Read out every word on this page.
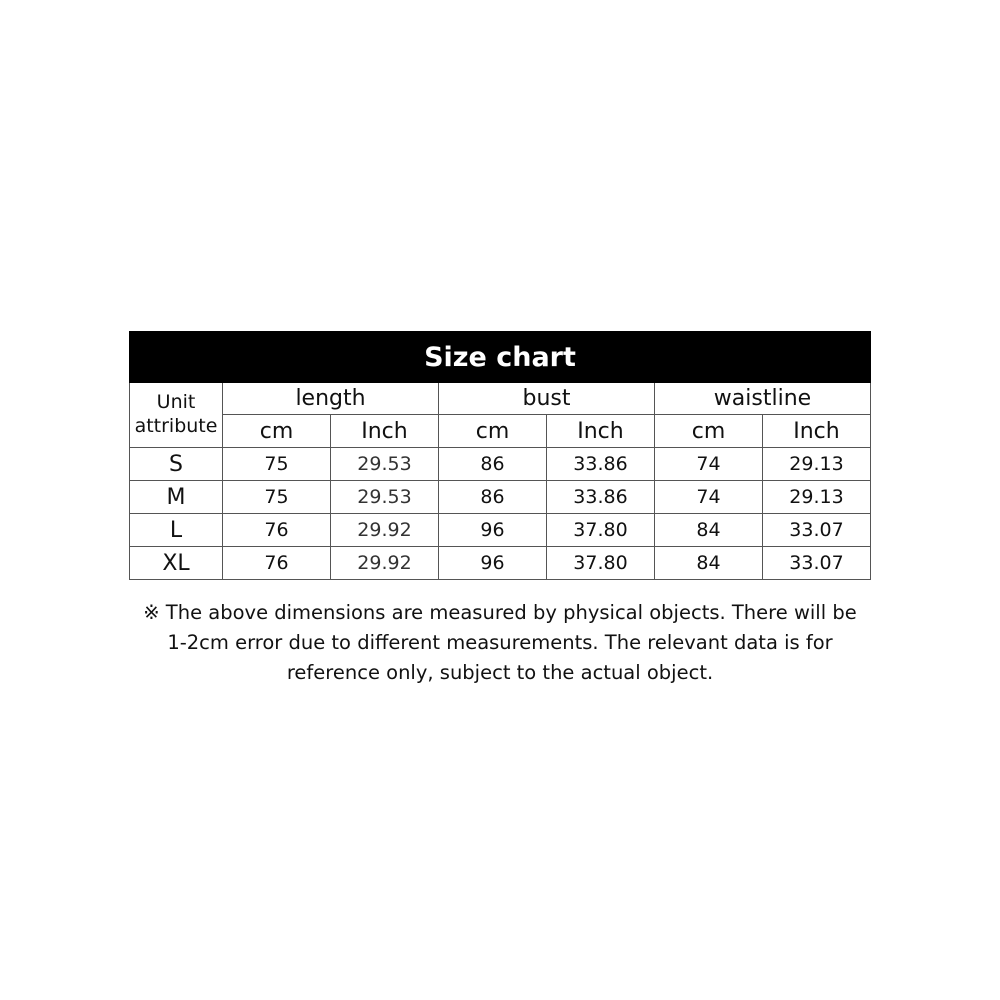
Size chart						
Unit
attribute	length		bust		waistline	
	cm	Inch	cm	Inch	cm	Inch
S	75	29.53	86	33.86	74	29.13
M	75	29.53	86	33.86	74	29.13
L	76	29.92	96	37.80	84	33.07
XL	76	29.92	96	37.80	84	33.07
※ The above dimensions are measured by physical objects. There will be
1-2cm error due to different measurements. The relevant data is for
reference only, subject to the actual object.
